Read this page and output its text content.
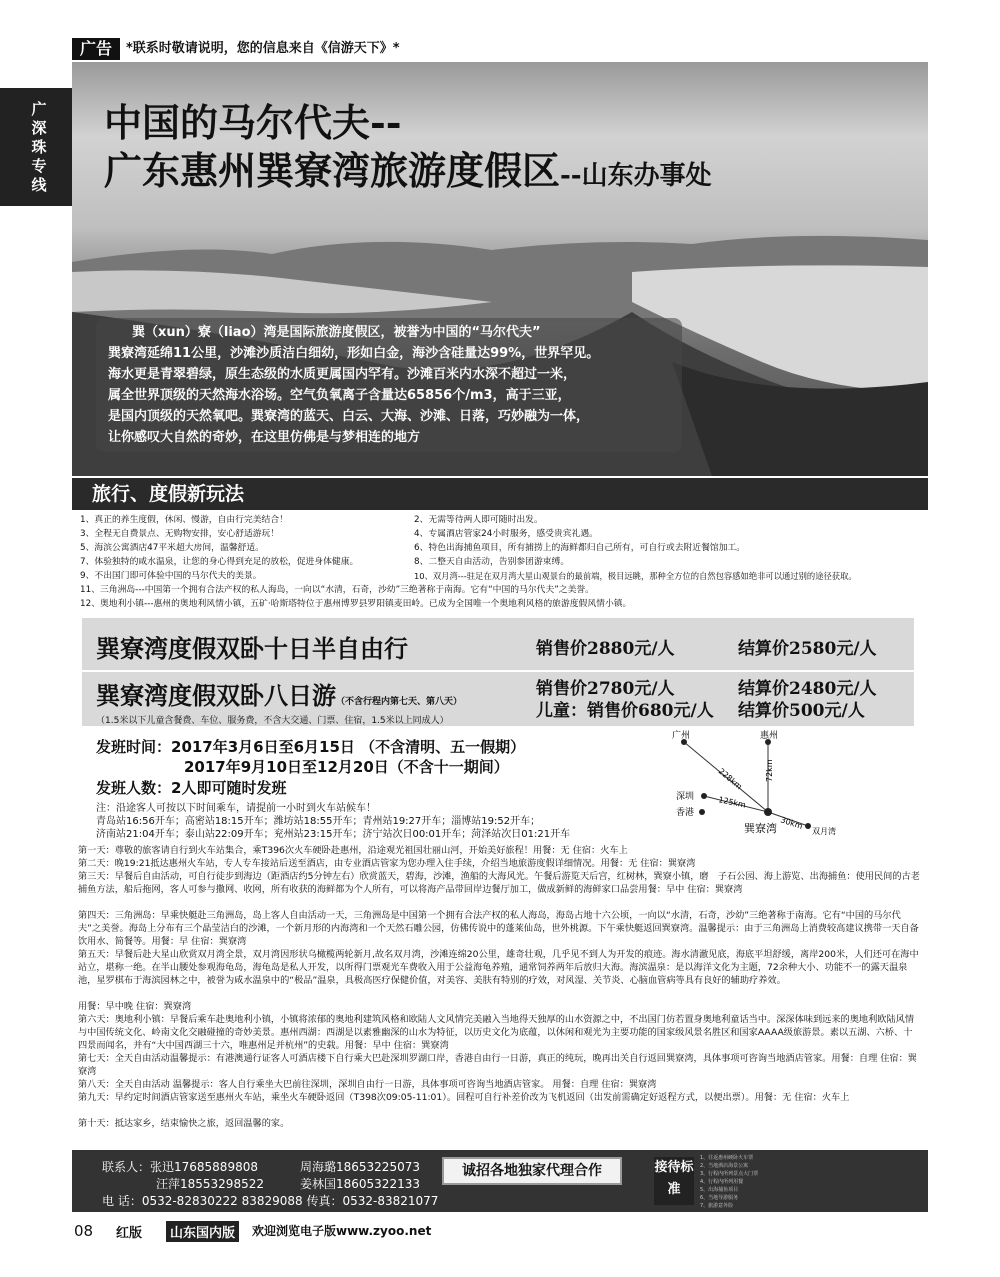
广告	*联系时敬请说明，您的信息来自《信游天下》*
广深珠专线
中国的马尔代夫--
广东惠州巽寮湾旅游度假区--山东办事处
巽（xun）寮（liao）湾是国际旅游度假区，被誉为中国的“马尔代夫”
巽寮湾延绵11公里，沙滩沙质洁白细幼，形如白金，海沙含硅量达99%，世界罕见。
海水更是青翠碧绿，原生态级的水质更属国内罕有。沙滩百米内水深不超过一米，
属全世界顶级的天然海水浴场。空气负氧离子含量达65856个/m3，高于三亚，
是国内顶级的天然氧吧。巽寮湾的蓝天、白云、大海、沙滩、日落，巧妙融为一体，
让你感叹大自然的奇妙，在这里仿佛是与梦相连的地方
旅行、度假新玩法
1、真正的养生度假，休闲、慢游，自由行完美结合！
3、全程无自费景点、无购物安排，安心舒适游玩！
5、海滨公寓酒店47平米超大房间，温馨舒适。
7、体验独特的咸水温泉，让您的身心得到充足的放松，促进身体健康。
9、不出国门即可体验中国的马尔代夫的美景。
2、无需等待两人即可随时出发。
4、专属酒店管家24小时服务，感受贵宾礼遇。
6、特色出海捕鱼项目，所有捕捞上的海鲜都归自己所有，可自行或去附近餐馆加工。
8、二整天自由活动，告别参团游束缚。
10、双月湾---驻足在双月湾大星山观景台的最前端，极目远眺，那种全方位的自然包容感如绝非可以通过别的途径获取。
11、三角洲岛---中国第一个拥有合法产权的私人海岛，一向以“水清，石奇，沙幼”三绝著称于南海。它有“中国的马尔代夫”之美誉。
12、奥地利小镇---惠州的奥地利风情小镇，五矿·哈斯塔特位于惠州博罗县罗阳镇麦田岭。已成为全国唯一个奥地利风格的旅游度假风情小镇。
巽寮湾度假双卧十日半自由行	销售价2880元/人	结算价2580元/人
巽寮湾度假双卧八日游（不含行程内第七天、第八天）
销售价2780元/人	结算价2480元/人
儿童：销售价680元/人 结算价500元/人
（1.5米以下儿童含餐费、车位、服务费，不含大交通、门票、住宿，1.5米以上同成人）
发班时间：2017年3月6日至6月15日 （不含清明、五一假期）
2017年9月10日至12月20日（不含十一期间）
发班人数：2人即可随时发班
注：沿途客人可按以下时间乘车，请提前一小时到火车站候车！
青岛站16:56开车；高密站18:15开车；潍坊站18:55开车；青州站19:27开车；淄博站19:52开车；
济南站21:04开车；泰山站22:09开车；兖州站23:15开车；济宁站次日00:01开车；菏泽站次日01:21开车
广州	惠州
深圳
香港
巽寮湾	双月湾
228km	72km
125km
30km
第一天：尊敬的旅客请自行到火车站集合，乘T396次火车硬卧赴惠州，沿途观光祖国壮丽山河，开始美好旅程！用餐：无 住宿：火车上
第二天：晚19:21抵达惠州火车站，专人专车接站后送至酒店，由专业酒店管家为您办理入住手续，介绍当地旅游度假详细情况。用餐：无 住宿：巽寮湾
第三天：早餐后自由活动，可自行徒步到海边（距酒店约5分钟左右）欣赏蓝天，碧海，沙滩，渔船的大海风光。午餐后游览天后宫，红树林，巽寮小镇，磨　子石公园、海上游览、出海捕鱼：使用民间的古老捕鱼方法，船后拖网，客人可参与撒网、收网，所有收获的海鲜都为个人所有，可以将海产品带回岸边餐厅加工，做成新鲜的海鲜家口品尝用餐：早中 住宿：巽寮湾
第四天：三角洲岛：早乘快艇赴三角洲岛，岛上客人自由活动一天，三角洲岛是中国第一个拥有合法产权的私人海岛，海岛占地十六公顷，一向以“水清，石奇，沙幼”三绝著称于南海。它有“中国的马尔代夫”之美誉。海岛上分布有三个晶莹洁白的沙滩，一个新月形的内海湾和一个天然石雕公园，仿佛传说中的蓬莱仙岛，世外桃源。下午乘快艇返回巽寮湾。温馨提示：由于三角洲岛上消费较高建议携带一天自备饮用水、简餐等。用餐：早 住宿：巽寮湾
第五天：早餐后赴大星山欣赏双月湾全景，双月湾因形状乌橄榄两轮新月,故名双月湾，沙滩连绵20公里，雄奇壮观，几乎见不到人为开发的痕迹。海水清澈见底，海底平坦舒缓，离岸200米，人们还可在海中站立，堪称一绝。在半山腰处参观海龟岛，海龟岛是私人开发，以所得门票观光车费收入用于公益海龟养殖，通常饲养两年后放归大海。海滨温泉：是以海洋文化为主题，72余种大小、功能不一的露天温泉池，星罗棋布于海滨园林之中，被誉为咸水温泉中的“极品”温泉，具极高医疗保健价值，对美容、美肤有特别的疗效，对风湿、关节炎、心脑血管病等具有良好的辅助疗养效。
用餐：早中晚 住宿：巽寮湾
第六天：奥地利小镇：早餐后乘车赴奥地利小镇，小镇将浓郁的奥地利建筑风格和欧陆人文风情完美融入当地得天独厚的山水资源之中，不出国门仿若置身奥地利童话当中。深深体味到远来的奥地利欧陆风情与中国传统文化、岭南文化交融碰撞的奇妙美景。惠州西湖：西湖是以素雅幽深的山水为特征，以历史文化为底蕴，以休闲和观光为主要功能的国家级风景名胜区和国家AAAA级旅游景。素以五湖、六桥、十四景而闻名，并有“大中国西湖三十六，唯惠州足并杭州”的史载。用餐：早中 住宿：巽寮湾
第七天：全天自由活动温馨提示：有港澳通行证客人可酒店楼下自行乘大巴赴深圳罗湖口岸，香港自由行一日游，真正的纯玩，晚再出关自行返回巽寮湾，具体事项可咨询当地酒店管家。用餐：自理 住宿：巽寮湾
第八天：全天自由活动 温馨提示：客人自行乘坐大巴前往深圳，深圳自由行一日游，具体事项可咨询当地酒店管家。 用餐：自理 住宿：巽寮湾
第九天：早约定时间酒店管家送至惠州火车站，乘坐火车硬卧返回（T398次09:05-11:01）。回程可自行补差价改为飞机返回（出发前需确定好返程方式，以便出票）。用餐：无 住宿：火车上
第十天：抵达家乡，结束愉快之旅，返回温馨的家。
联系人：张迅17685889808	周海璐18653225073
汪萍18553298522	姜林国18605322133
电 话：0532-82830222 83829088 传真：0532-83821077
诚招各地独家代理合作	接待标准
1、往返惠州硬卧火车票
2、当地酒店海景公寓
3、行程内所列景点大门票
4、行程内所列用餐
5、出海捕鱼项目
6、当地导游服务
7、旅游意外险
08 红版	山东国内版	欢迎浏览电子版www.zyoo.net
